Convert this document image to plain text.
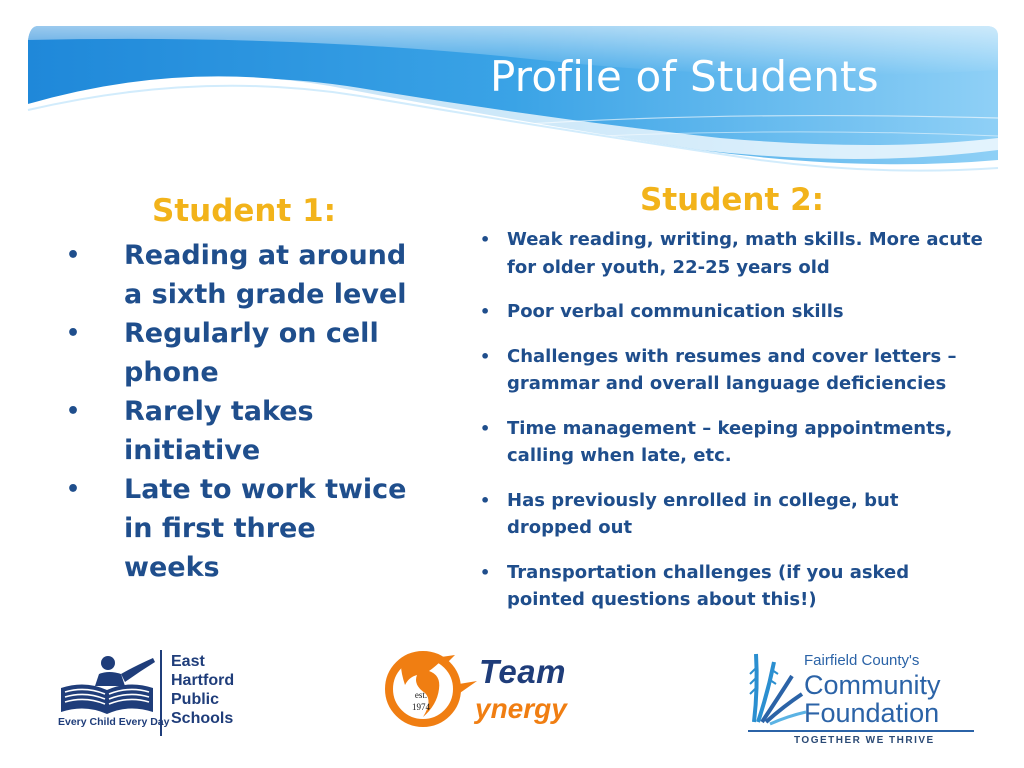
Profile of Students
Student 1:
• Reading at around a sixth grade level
• Regularly on cell phone
• Rarely takes initiative
• Late to work twice in first three weeks
Student 2:
• Weak reading, writing, math skills. More acute for older youth, 22-25 years old
• Poor verbal communication skills
• Challenges with resumes and cover letters – grammar and overall language deficiencies
• Time management – keeping appointments, calling when late, etc.
• Has previously enrolled in college, but dropped out
• Transportation challenges (if you asked pointed questions about this!)
East
Hartford
Public
Schools
Every Child Every Day
est.
1974
Team
ynergy
Fairfield County's
Community
Foundation
TOGETHER WE THRIVE
